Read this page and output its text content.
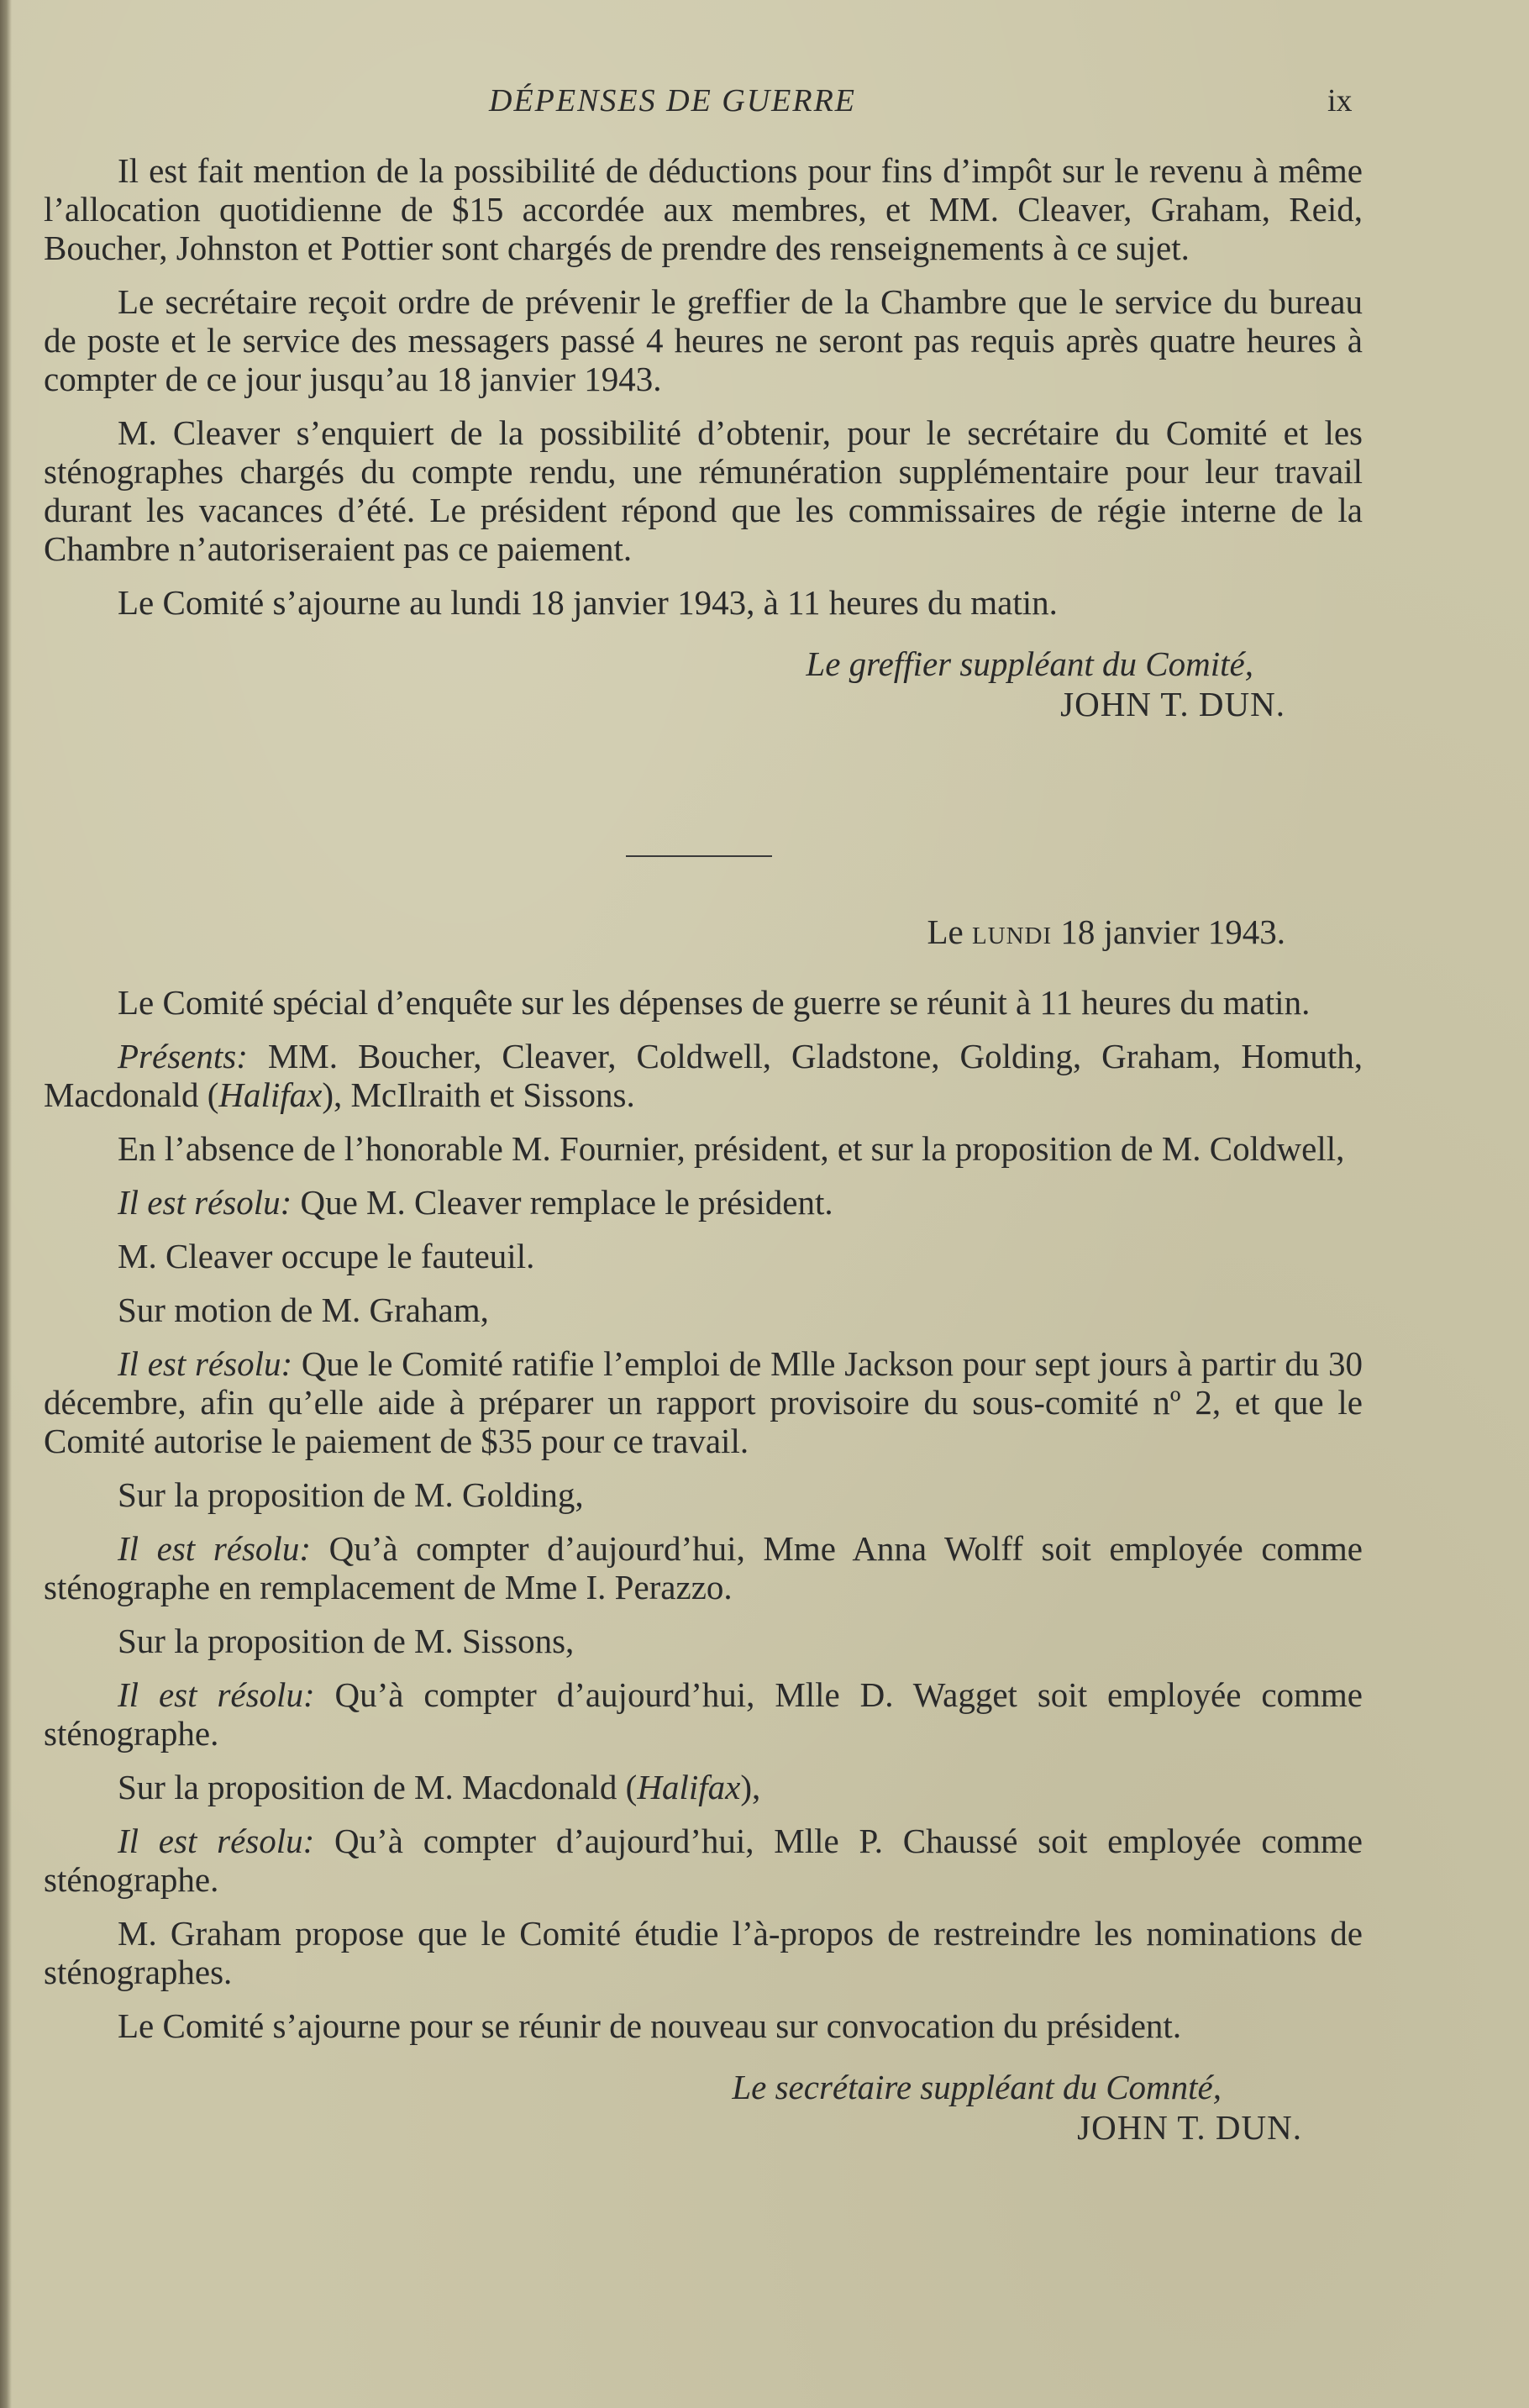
DÉPENSES DE GUERRE	ix

Il est fait mention de la possibilité de déductions pour fins d’impôt sur le revenu à même l’allocation quotidienne de $15 accordée aux membres, et MM. Cleaver, Graham, Reid, Boucher, Johnston et Pottier sont chargés de prendre des renseignements à ce sujet.

Le secrétaire reçoit ordre de prévenir le greffier de la Chambre que le service du bureau de poste et le service des messagers passé 4 heures ne seront pas requis après quatre heures à compter de ce jour jusqu’au 18 janvier 1943.

M. Cleaver s’enquiert de la possibilité d’obtenir, pour le secrétaire du Comité et les sténographes chargés du compte rendu, une rémunération supplémentaire pour leur travail durant les vacances d’été. Le président répond que les commissaires de régie interne de la Chambre n’autoriseraient pas ce paiement.

Le Comité s’ajourne au lundi 18 janvier 1943, à 11 heures du matin.

Le greffier suppléant du Comité,
JOHN T. DUN.
Le lundi 18 janvier 1943.

Le Comité spécial d’enquête sur les dépenses de guerre se réunit à 11 heures du matin.

Présents: MM. Boucher, Cleaver, Coldwell, Gladstone, Golding, Graham, Homuth, Macdonald (Halifax), McIlraith et Sissons.

En l’absence de l’honorable M. Fournier, président, et sur la proposition de M. Coldwell,

Il est résolu: Que M. Cleaver remplace le président.

M. Cleaver occupe le fauteuil.

Sur motion de M. Graham,

Il est résolu: Que le Comité ratifie l’emploi de Mlle Jackson pour sept jours à partir du 30 décembre, afin qu’elle aide à préparer un rapport provisoire du sous-comité nº 2, et que le Comité autorise le paiement de $35 pour ce travail.

Sur la proposition de M. Golding,

Il est résolu: Qu’à compter d’aujourd’hui, Mme Anna Wolff soit employée comme sténographe en remplacement de Mme I. Perazzo.

Sur la proposition de M. Sissons,

Il est résolu: Qu’à compter d’aujourd’hui, Mlle D. Wagget soit employée comme sténographe.

Sur la proposition de M. Macdonald (Halifax),

Il est résolu: Qu’à compter d’aujourd’hui, Mlle P. Chaussé soit employée comme sténographe.

M. Graham propose que le Comité étudie l’à-propos de restreindre les nominations de sténographes.

Le Comité s’ajourne pour se réunir de nouveau sur convocation du président.

Le secrétaire suppléant du Comnté,
JOHN T. DUN.
